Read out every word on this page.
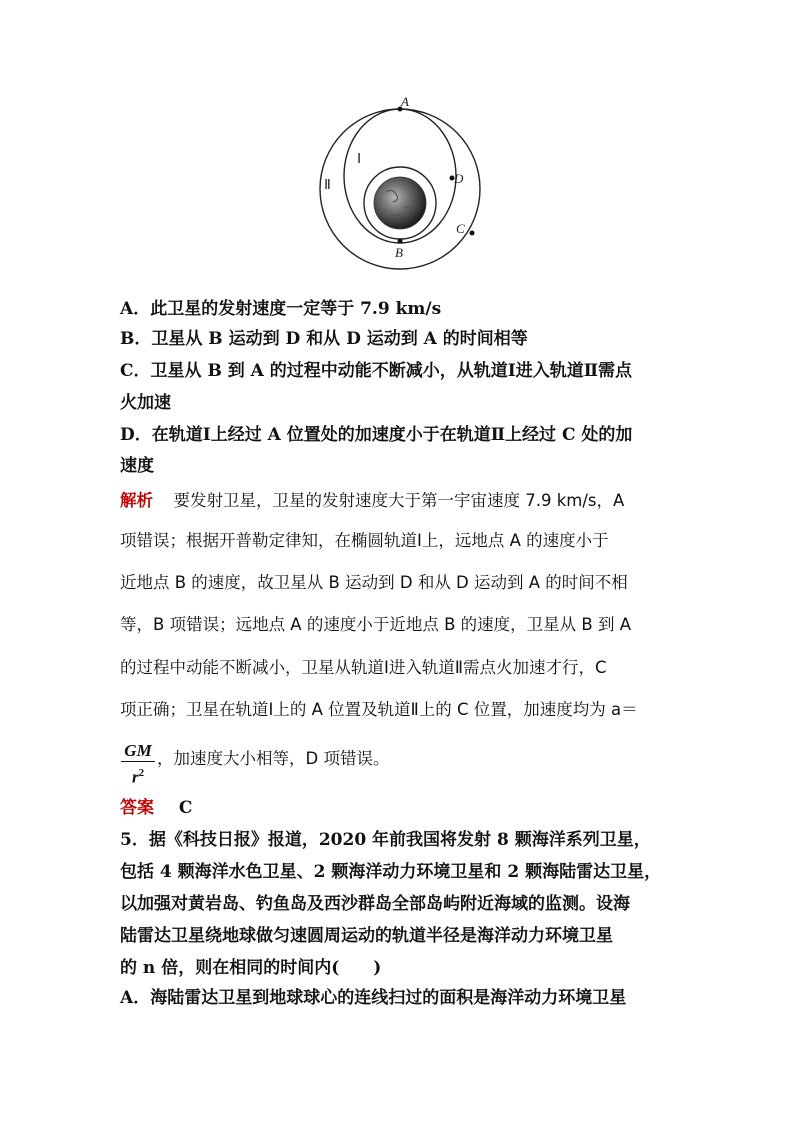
A
B
D
C
Ⅰ
Ⅱ
A．此卫星的发射速度一定等于 7.9 km/s
B．卫星从 B 运动到 D 和从 D 运动到 A 的时间相等
C．卫星从 B 到 A 的过程中动能不断减小，从轨道Ⅰ进入轨道Ⅱ需点
火加速
D．在轨道Ⅰ上经过 A 位置处的加速度小于在轨道Ⅱ上经过 C 处的加
速度
解析 要发射卫星，卫星的发射速度大于第一宇宙速度 7.9 km/s，A
项错误；根据开普勒定律知，在椭圆轨道Ⅰ上，远地点 A 的速度小于
近地点 B 的速度，故卫星从 B 运动到 D 和从 D 运动到 A 的时间不相
等，B 项错误；远地点 A 的速度小于近地点 B 的速度，卫星从 B 到 A
的过程中动能不断减小，卫星从轨道Ⅰ进入轨道Ⅱ需点火加速才行，C
项正确；卫星在轨道Ⅰ上的 A 位置及轨道Ⅱ上的 C 位置，加速度均为 a＝
$\frac{GM}{r^2}$ ，加速度大小相等，D 项错误。
答案 C
5．据《科技日报》报道，2020 年前我国将发射 8 颗海洋系列卫星，
包括 4 颗海洋水色卫星、2 颗海洋动力环境卫星和 2 颗海陆雷达卫星，
以加强对黄岩岛、钓鱼岛及西沙群岛全部岛屿附近海域的监测。设海
陆雷达卫星绕地球做匀速圆周运动的轨道半径是海洋动力环境卫星
的 n 倍，则在相同的时间内(　　)
A．海陆雷达卫星到地球球心的连线扫过的面积是海洋动力环境卫星
